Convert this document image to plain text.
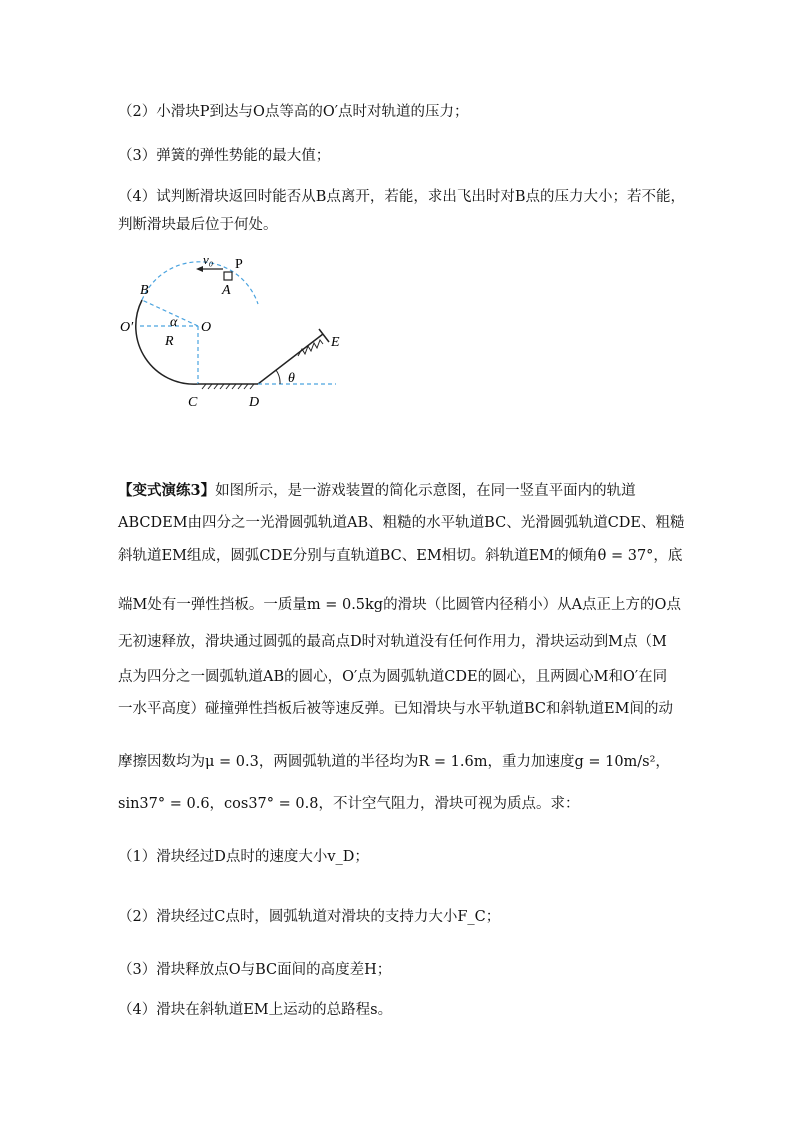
（2）小滑块P到达与O点等高的O′点时对轨道的压力；
（3）弹簧的弹性势能的最大值；
（4）试判断滑块返回时能否从B点离开，若能，求出飞出时对B点的压力大小；若不能，
判断滑块最后位于何处。
v₀ P
A
B
O′	α O
R	E
θ
C	D
【变式演练3】如图所示，是一游戏装置的简化示意图，在同一竖直平面内的轨道
ABCDEM由四分之一光滑圆弧轨道AB、粗糙的水平轨道BC、光滑圆弧轨道CDE、粗糙
斜轨道EM组成，圆弧CDE分别与直轨道BC、EM相切。斜轨道EM的倾角θ = 37°，底
端M处有一弹性挡板。一质量m = 0.5kg的滑块（比圆管内径稍小）从A点正上方的O点
无初速释放，滑块通过圆弧的最高点D时对轨道没有任何作用力，滑块运动到M点（M
点为四分之一圆弧轨道AB的圆心，O′点为圆弧轨道CDE的圆心，且两圆心M和O′在同
一水平高度）碰撞弹性挡板后被等速反弹。已知滑块与水平轨道BC和斜轨道EM间的动
摩擦因数均为μ = 0.3，两圆弧轨道的半径均为R = 1.6m，重力加速度g = 10m/s²，
sin37° = 0.6，cos37° = 0.8，不计空气阻力，滑块可视为质点。求：
（1）滑块经过D点时的速度大小v_D；
（2）滑块经过C点时，圆弧轨道对滑块的支持力大小F_C；
（3）滑块释放点O与BC面间的高度差H；
（4）滑块在斜轨道EM上运动的总路程s。
